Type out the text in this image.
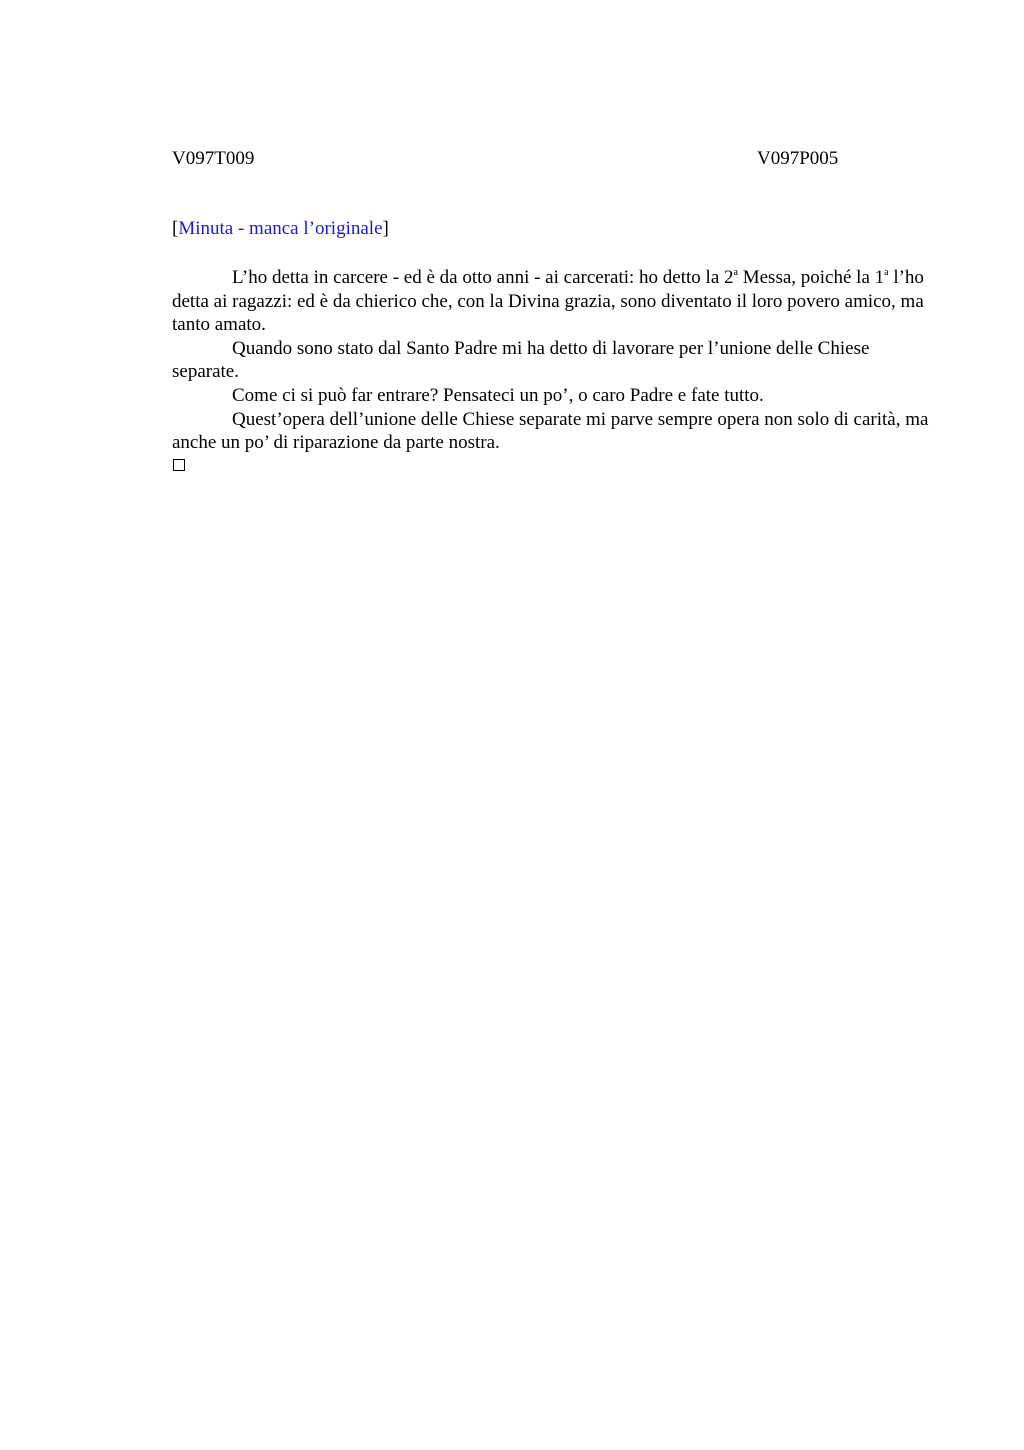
V097T009	V097P005
[Minuta - manca l’originale]

L’ho detta in carcere - ed è da otto anni - ai carcerati: ho detto la 2$^a$ Messa, poiché la 1$^a$ l’ho detta ai ragazzi: ed è da chierico che, con la Divina grazia, sono diventato il loro povero amico, ma tanto amato.

Quando sono stato dal Santo Padre mi ha detto di lavorare per l’unione delle Chiese separate.

Come ci si può far entrare? Pensateci un po’, o caro Padre e fate tutto.

Quest’opera dell’unione delle Chiese separate mi parve sempre opera non solo di carità, ma anche un po’ di riparazione da parte nostra.
